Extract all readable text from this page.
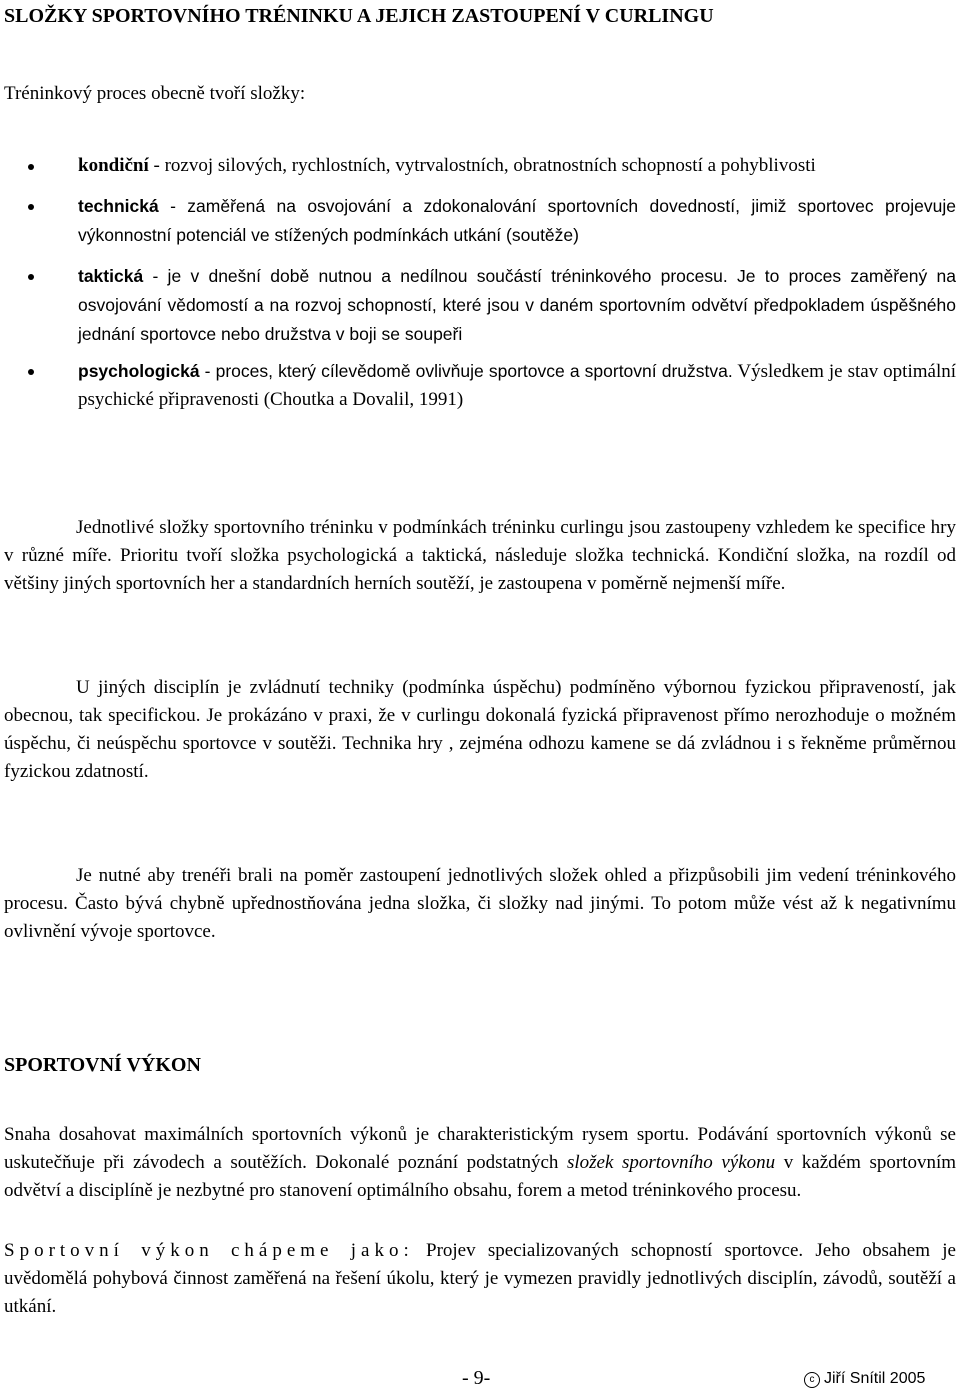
SLOŽKY SPORTOVNÍHO TRÉNINKU A JEJICH ZASTOUPENÍ V CURLINGU

Tréninkový proces obecně tvoří složky:

kondiční - rozvoj silových, rychlostních, vytrvalostních, obratnostních schopností a pohyblivosti
technická - zaměřená na osvojování a zdokonalování sportovních dovedností, jimiž sportovec projevuje výkonnostní potenciál ve stížených podmínkách utkání (soutěže)
taktická - je v dnešní době nutnou a nedílnou součástí tréninkového procesu. Je to proces zaměřený na osvojování vědomostí a na rozvoj schopností, které jsou v daném sportovním odvětví předpokladem úspěšného jednání sportovce nebo družstva v boji se soupeři
psychologická - proces, který cílevědomě ovlivňuje sportovce a sportovní družstva. Výsledkem je stav optimální psychické připravenosti (Choutka a Dovalil, 1991)

Jednotlivé složky sportovního tréninku v podmínkách tréninku curlingu jsou zastoupeny vzhledem ke specifice hry v různé míře. Prioritu tvoří složka psychologická a taktická, následuje složka technická. Kondiční složka, na rozdíl od většiny jiných sportovních her a standardních herních soutěží, je zastoupena v poměrně nejmenší míře.

U jiných disciplín je zvládnutí techniky (podmínka úspěchu) podmíněno výbornou fyzickou připraveností, jak obecnou, tak specifickou. Je prokázáno v praxi, že v curlingu dokonalá fyzická připravenost přímo nerozhoduje o možném úspěchu, či neúspěchu sportovce v soutěži. Technika hry , zejména odhozu kamene se dá zvládnou i s řekněme průměrnou fyzickou zdatností.

Je nutné aby trenéři brali na poměr zastoupení jednotlivých složek ohled a přizpůsobili jim vedení tréninkového procesu. Často bývá chybně upřednostňována jedna složka, či složky nad jinými. To potom může vést až k negativnímu ovlivnění vývoje sportovce.

SPORTOVNÍ VÝKON

Snaha dosahovat maximálních sportovních výkonů je charakteristickým rysem sportu. Podávání sportovních výkonů se uskutečňuje při závodech a soutěžích. Dokonalé poznání podstatných složek sportovního výkonu v každém sportovním odvětví a disciplíně je nezbytné pro stanovení optimálního obsahu, forem a metod tréninkového procesu.

Sportovní výkon chápeme jako: Projev specializovaných schopností sportovce. Jeho obsahem je uvědomělá pohybová činnost zaměřená na řešení úkolu, který je vymezen pravidly jednotlivých disciplín, závodů, soutěží a utkání.

- 9-	c Jiří Snítil 2005
